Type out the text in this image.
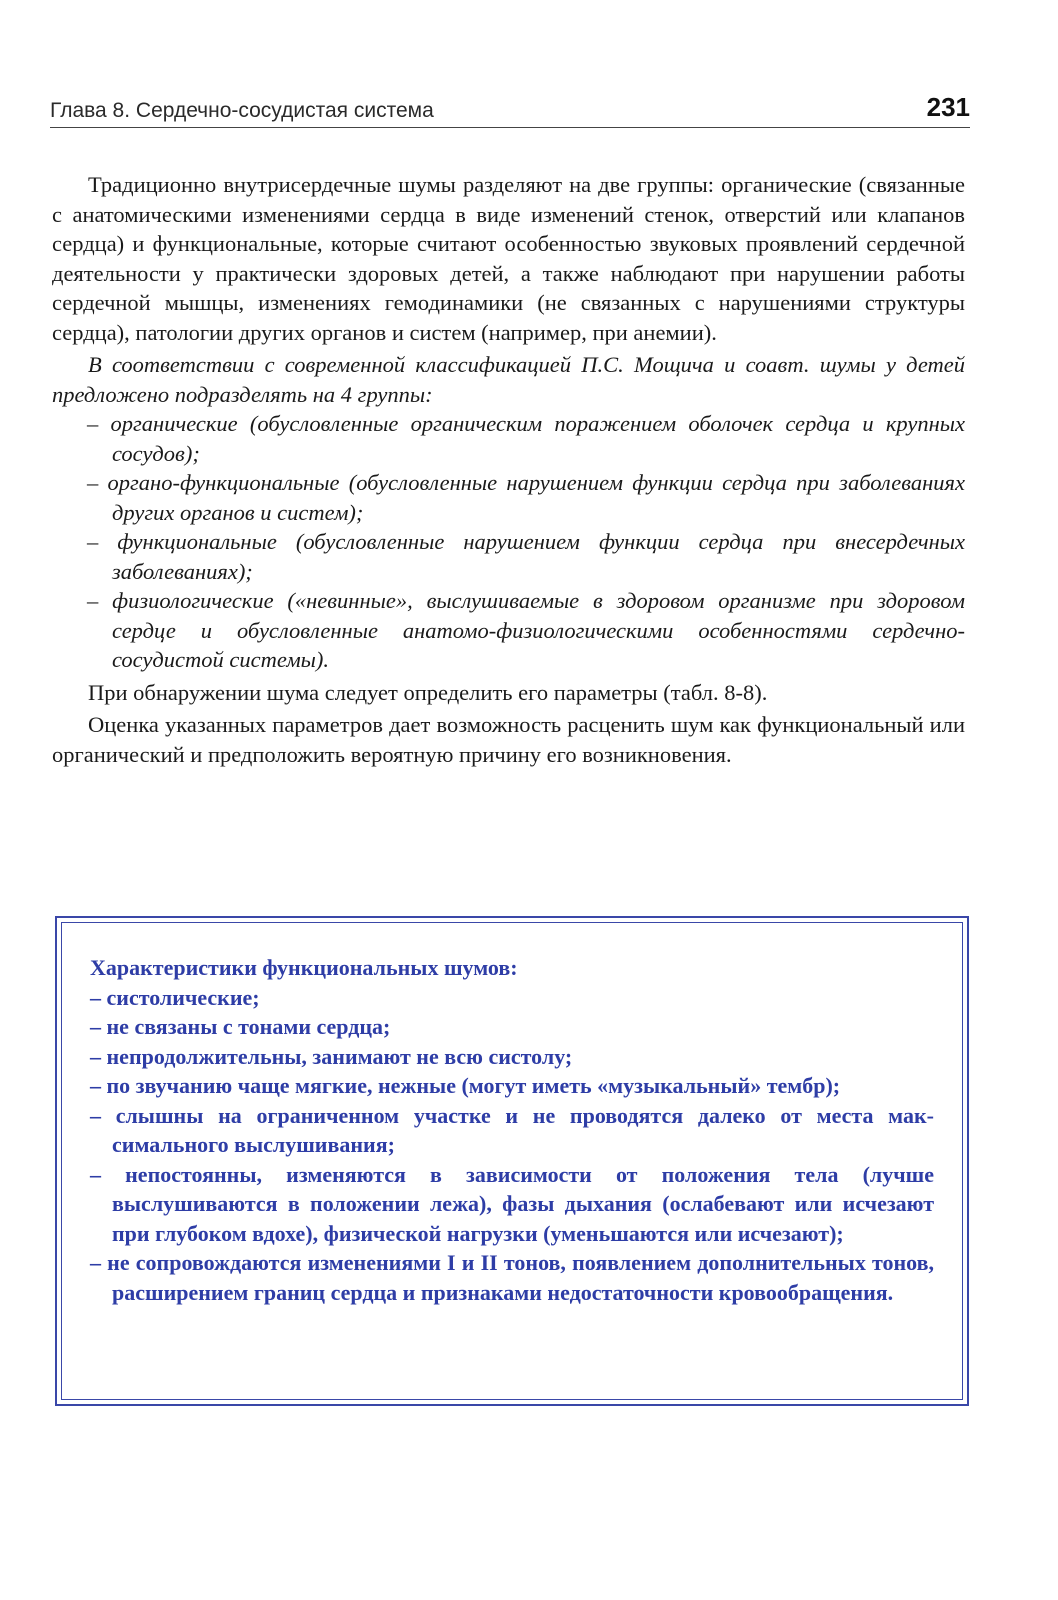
Глава 8. Сердечно-сосудистая система	231

Традиционно внутрисердечные шумы разделяют на две группы: органические (связанные с анатомическими изменениями сердца в виде изменений стенок, отверстий или клапанов сердца) и функциональные, которые считают особенностью звуковых проявлений сердечной деятельности у практически здоровых детей, а также наблюдают при нарушении работы сердечной мышцы, изменениях гемодинамики (не связанных с нарушениями структуры сердца), патологии других органов и систем (например, при анемии).

В соответствии с современной классификацией П.С. Мощича и соавт. шумы у детей предложено подразделять на 4 группы:

– органические (обусловленные органическим поражением оболочек сердца и крупных сосудов);
– органо-функциональные (обусловленные нарушением функции сердца при заболеваниях других органов и систем);
– функциональные (обусловленные нарушением функции сердца при внесердечных заболеваниях);
– физиологические («невинные», выслушиваемые в здоровом организме при здоровом сердце и обусловленные анатомо-физиологическими особенностями сердечно-сосудистой системы).

При обнаружении шума следует определить его параметры (табл. 8-8).

Оценка указанных параметров дает возможность расценить шум как функциональный или органический и предположить вероятную причину его возникновения.

Характеристики функциональных шумов:

– систолические;
– не связаны с тонами сердца;
– непродолжительны, занимают не всю систолу;
– по звучанию чаще мягкие, нежные (могут иметь «музыкальный» тембр);
– слышны на ограниченном участке и не проводятся далеко от места максимального выслушивания;
– непостоянны, изменяются в зависимости от положения тела (лучше выслушиваются в положении лежа), фазы дыхания (ослабевают или исчезают при глубоком вдохе), физической нагрузки (уменьшаются или исчезают);
– не сопровождаются изменениями I и II тонов, появлением дополнительных тонов, расширением границ сердца и признаками недостаточности кровообращения.
